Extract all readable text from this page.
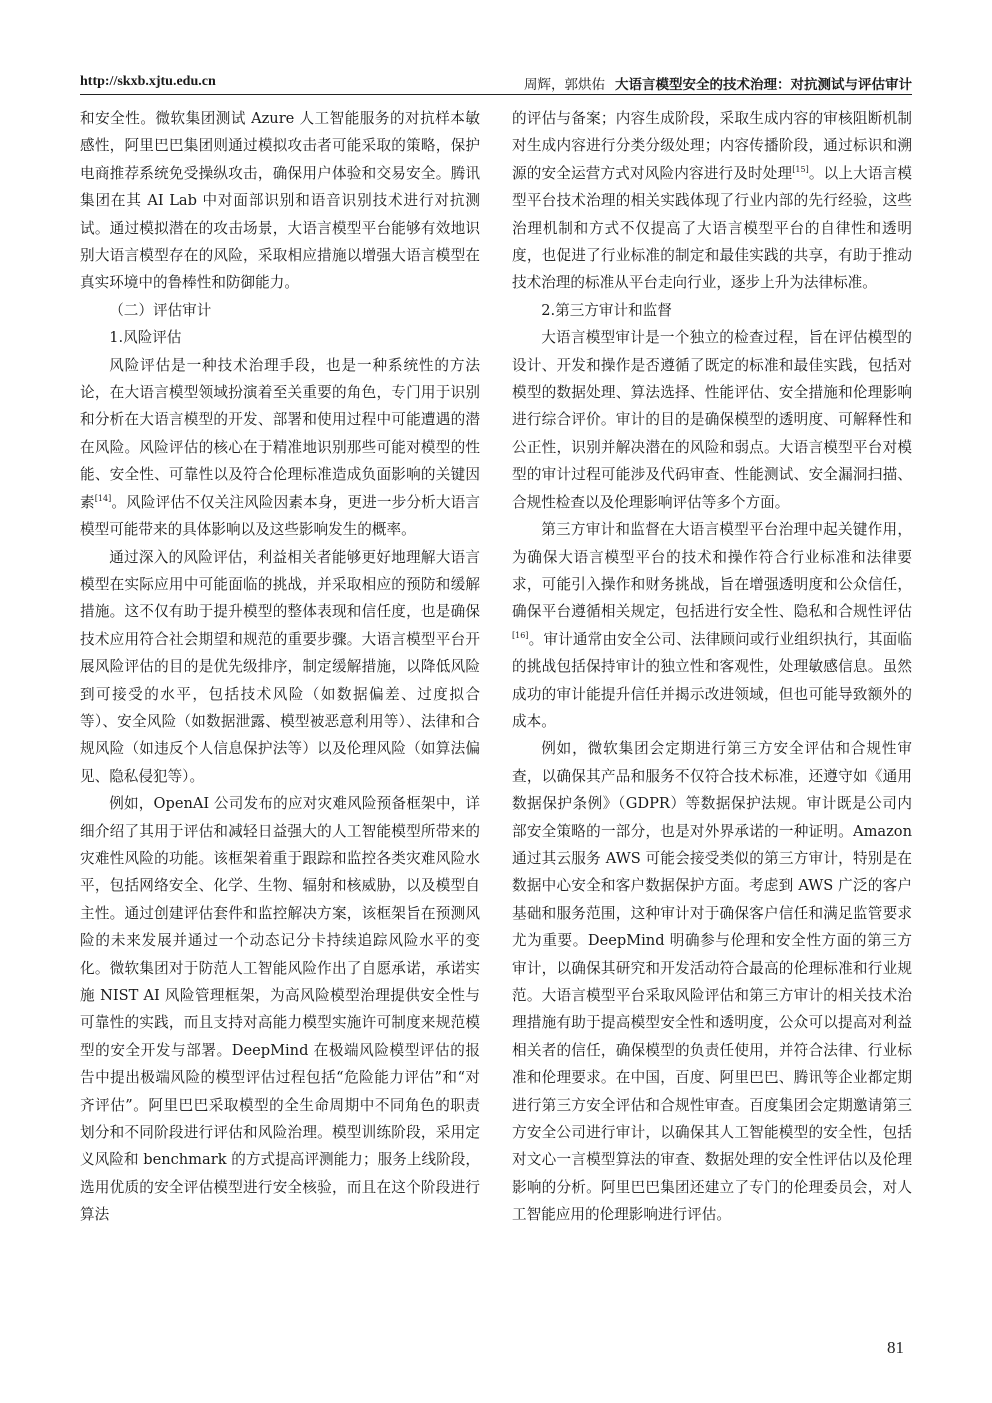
http://skxb.xjtu.edu.cn	周辉，郭烘佑 大语言模型安全的技术治理：对抗测试与评估审计

和安全性。微软集团测试 Azure 人工智能服务的对抗样本敏感性，阿里巴巴集团则通过模拟攻击者可能采取的策略，保护电商推荐系统免受操纵攻击，确保用户体验和交易安全。腾讯集团在其 AI Lab 中对面部识别和语音识别技术进行对抗测试。通过模拟潜在的攻击场景，大语言模型平台能够有效地识别大语言模型存在的风险，采取相应措施以增强大语言模型在真实环境中的鲁棒性和防御能力。

（二）评估审计

1.风险评估

风险评估是一种技术治理手段，也是一种系统性的方法论，在大语言模型领域扮演着至关重要的角色，专门用于识别和分析在大语言模型的开发、部署和使用过程中可能遭遇的潜在风险。风险评估的核心在于精准地识别那些可能对模型的性能、安全性、可靠性以及符合伦理标准造成负面影响的关键因素[14]。风险评估不仅关注风险因素本身，更进一步分析大语言模型可能带来的具体影响以及这些影响发生的概率。

通过深入的风险评估，利益相关者能够更好地理解大语言模型在实际应用中可能面临的挑战，并采取相应的预防和缓解措施。这不仅有助于提升模型的整体表现和信任度，也是确保技术应用符合社会期望和规范的重要步骤。大语言模型平台开展风险评估的目的是优先级排序，制定缓解措施，以降低风险到可接受的水平，包括技术风险（如数据偏差、过度拟合等）、安全风险（如数据泄露、模型被恶意利用等）、法律和合规风险（如违反个人信息保护法等）以及伦理风险（如算法偏见、隐私侵犯等）。

例如，OpenAI 公司发布的应对灾难风险预备框架中，详细介绍了其用于评估和减轻日益强大的人工智能模型所带来的灾难性风险的功能。该框架着重于跟踪和监控各类灾难风险水平，包括网络安全、化学、生物、辐射和核威胁，以及模型自主性。通过创建评估套件和监控解决方案，该框架旨在预测风险的未来发展并通过一个动态记分卡持续追踪风险水平的变化。微软集团对于防范人工智能风险作出了自愿承诺，承诺实施 NIST AI 风险管理框架，为高风险模型治理提供安全性与可靠性的实践，而且支持对高能力模型实施许可制度来规范模型的安全开发与部署。DeepMind 在极端风险模型评估的报告中提出极端风险的模型评估过程包括“危险能力评估”和“对齐评估”。阿里巴巴采取模型的全生命周期中不同角色的职责划分和不同阶段进行评估和风险治理。模型训练阶段，采用定义风险和 benchmark 的方式提高评测能力；服务上线阶段，选用优质的安全评估模型进行安全核验，而且在这个阶段进行算法

的评估与备案；内容生成阶段，采取生成内容的审核阻断机制对生成内容进行分类分级处理；内容传播阶段，通过标识和溯源的安全运营方式对风险内容进行及时处理[15]。以上大语言模型平台技术治理的相关实践体现了行业内部的先行经验，这些治理机制和方式不仅提高了大语言模型平台的自律性和透明度，也促进了行业标准的制定和最佳实践的共享，有助于推动技术治理的标准从平台走向行业，逐步上升为法律标准。

2.第三方审计和监督

大语言模型审计是一个独立的检查过程，旨在评估模型的设计、开发和操作是否遵循了既定的标准和最佳实践，包括对模型的数据处理、算法选择、性能评估、安全措施和伦理影响进行综合评价。审计的目的是确保模型的透明度、可解释性和公正性，识别并解决潜在的风险和弱点。大语言模型平台对模型的审计过程可能涉及代码审查、性能测试、安全漏洞扫描、合规性检查以及伦理影响评估等多个方面。

第三方审计和监督在大语言模型平台治理中起关键作用，为确保大语言模型平台的技术和操作符合行业标准和法律要求，可能引入操作和财务挑战，旨在增强透明度和公众信任，确保平台遵循相关规定，包括进行安全性、隐私和合规性评估[16]。审计通常由安全公司、法律顾问或行业组织执行，其面临的挑战包括保持审计的独立性和客观性，处理敏感信息。虽然成功的审计能提升信任并揭示改进领域，但也可能导致额外的成本。

例如，微软集团会定期进行第三方安全评估和合规性审查，以确保其产品和服务不仅符合技术标准，还遵守如《通用数据保护条例》（GDPR）等数据保护法规。审计既是公司内部安全策略的一部分，也是对外界承诺的一种证明。Amazon 通过其云服务 AWS 可能会接受类似的第三方审计，特别是在数据中心安全和客户数据保护方面。考虑到 AWS 广泛的客户基础和服务范围，这种审计对于确保客户信任和满足监管要求尤为重要。DeepMind 明确参与伦理和安全性方面的第三方审计，以确保其研究和开发活动符合最高的伦理标准和行业规范。大语言模型平台采取风险评估和第三方审计的相关技术治理措施有助于提高模型安全性和透明度，公众可以提高对利益相关者的信任，确保模型的负责任使用，并符合法律、行业标准和伦理要求。在中国，百度、阿里巴巴、腾讯等企业都定期进行第三方安全评估和合规性审查。百度集团会定期邀请第三方安全公司进行审计，以确保其人工智能模型的安全性，包括对文心一言模型算法的审查、数据处理的安全性评估以及伦理影响的分析。阿里巴巴集团还建立了专门的伦理委员会，对人工智能应用的伦理影响进行评估。

81
